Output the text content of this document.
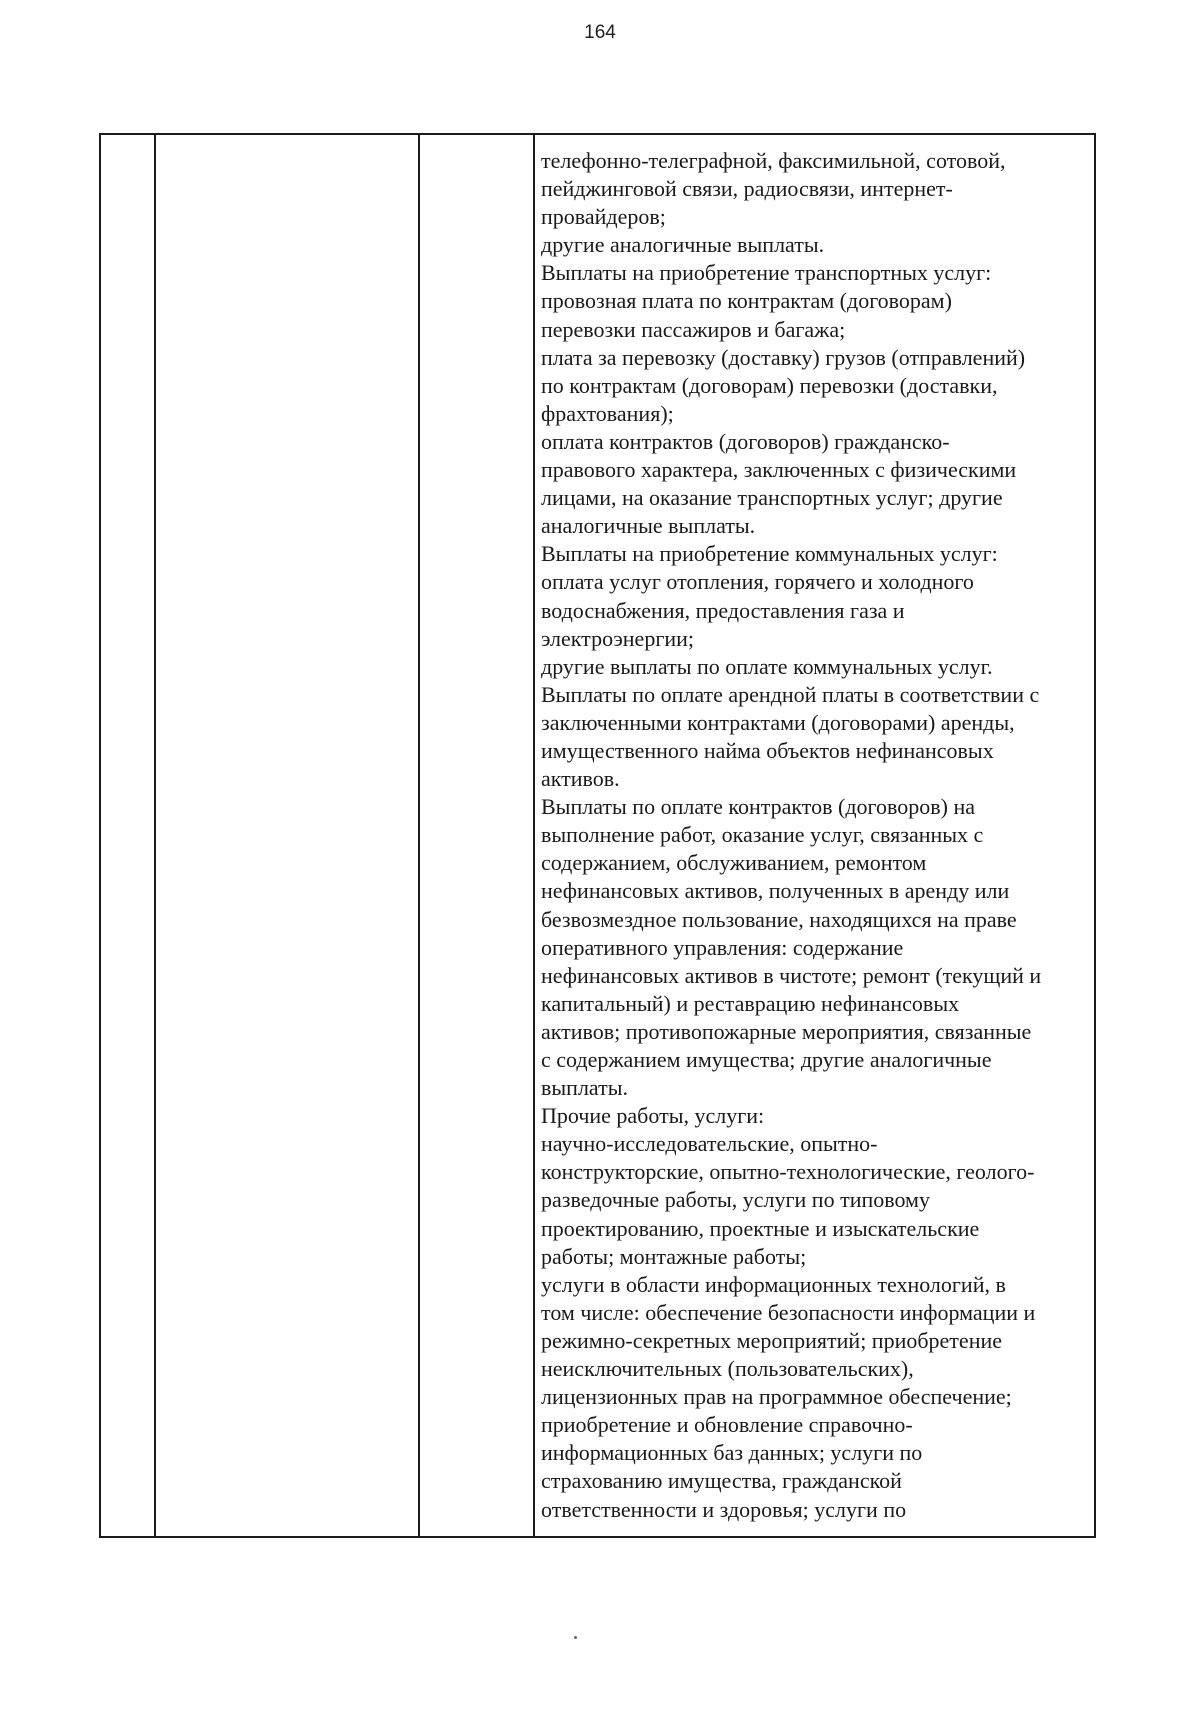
164
телефонно-телеграфной, факсимильной, сотовой,
пейджинговой связи, радиосвязи, интернет-
провайдеров;
другие аналогичные выплаты.
Выплаты на приобретение транспортных услуг:
провозная плата по контрактам (договорам)
перевозки пассажиров и багажа;
плата за перевозку (доставку) грузов (отправлений)
по контрактам (договорам) перевозки (доставки,
фрахтования);
оплата контрактов (договоров) гражданско-
правового характера, заключенных с физическими
лицами, на оказание транспортных услуг; другие
аналогичные выплаты.
Выплаты на приобретение коммунальных услуг:
оплата услуг отопления, горячего и холодного
водоснабжения, предоставления газа и
электроэнергии;
другие выплаты по оплате коммунальных услуг.
Выплаты по оплате арендной платы в соответствии с
заключенными контрактами (договорами) аренды,
имущественного найма объектов нефинансовых
активов.
Выплаты по оплате контрактов (договоров) на
выполнение работ, оказание услуг, связанных с
содержанием, обслуживанием, ремонтом
нефинансовых активов, полученных в аренду или
безвозмездное пользование, находящихся на праве
оперативного управления: содержание
нефинансовых активов в чистоте; ремонт (текущий и
капитальный) и реставрацию нефинансовых
активов; противопожарные мероприятия, связанные
с содержанием имущества; другие аналогичные
выплаты.
Прочие работы, услуги:
научно-исследовательские, опытно-
конструкторские, опытно-технологические, геолого-
разведочные работы, услуги по типовому
проектированию, проектные и изыскательские
работы; монтажные работы;
услуги в области информационных технологий, в
том числе: обеспечение безопасности информации и
режимно-секретных мероприятий; приобретение
неисключительных (пользовательских),
лицензионных прав на программное обеспечение;
приобретение и обновление справочно-
информационных баз данных; услуги по
страхованию имущества, гражданской
ответственности и здоровья; услуги по
